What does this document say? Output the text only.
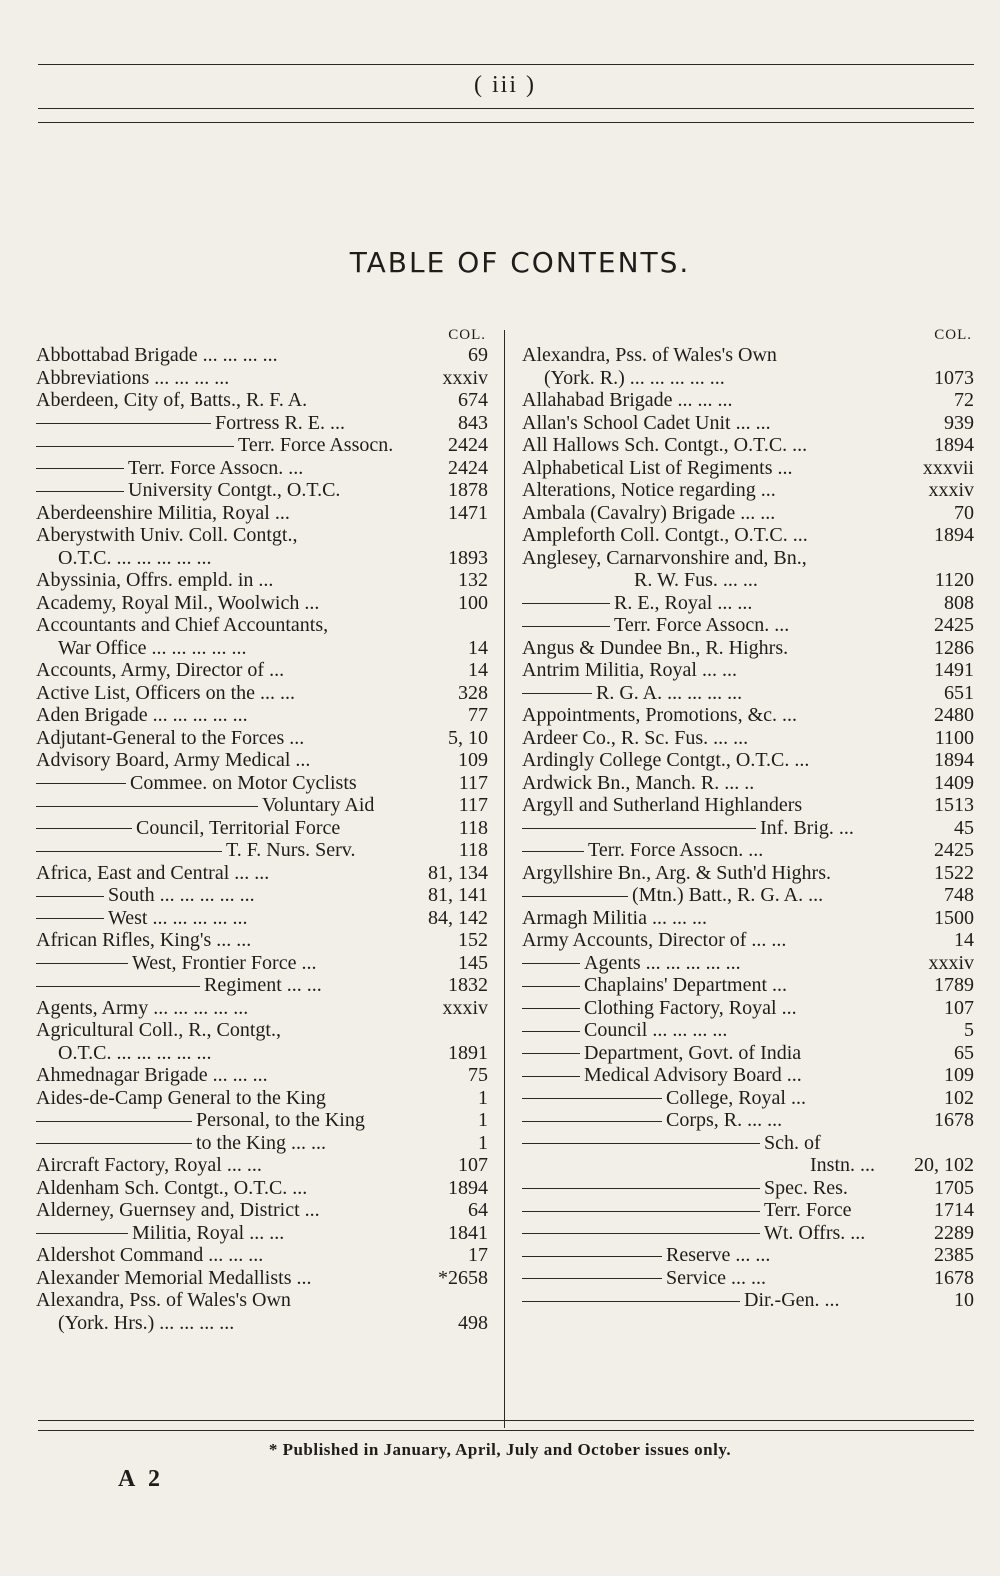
( iii )
TABLE OF CONTENTS.
COL.
Abbottabad Brigade ... ... ... ...	69
Abbreviations ... ... ... ...	xxxiv
Aberdeen, City of, Batts., R. F. A.	674
Fortress R. E. ...	843
Terr. Force Assocn.	2424
Terr. Force Assocn. ...	2424
University Contgt., O.T.C.	1878
Aberdeenshire Militia, Royal ...	1471
Aberystwith Univ. Coll. Contgt.,
O.T.C. ... ... ... ... ...	1893
Abyssinia, Offrs. empld. in ...	132
Academy, Royal Mil., Woolwich ...	100
Accountants and Chief Accountants,
War Office ... ... ... ... ...	14
Accounts, Army, Director of ...	14
Active List, Officers on the ... ...	328
Aden Brigade ... ... ... ... ...	77
Adjutant-General to the Forces ...	5, 10
Advisory Board, Army Medical ...	109
Commee. on Motor Cyclists	117
Voluntary Aid	117
Council, Territorial Force	118
T. F. Nurs. Serv.	118
Africa, East and Central ... ...	81, 134
South ... ... ... ... ...	81, 141
West ... ... ... ... ...	84, 142
African Rifles, King's ... ...	152
West, Frontier Force ...	145
Regiment ... ...	1832
Agents, Army ... ... ... ... ...	xxxiv
Agricultural Coll., R., Contgt.,
O.T.C. ... ... ... ... ...	1891
Ahmednagar Brigade ... ... ...	75
Aides-de-Camp General to the King	1
Personal, to the King	1
to the King ... ...	1
Aircraft Factory, Royal ... ...	107
Aldenham Sch. Contgt., O.T.C. ...	1894
Alderney, Guernsey and, District ...	64
Militia, Royal ... ...	1841
Aldershot Command ... ... ...	17
Alexander Memorial Medallists ...	*2658
Alexandra, Pss. of Wales's Own
(York. Hrs.) ... ... ... ...	498
COL.
Alexandra, Pss. of Wales's Own
(York. R.) ... ... ... ... ...	1073
Allahabad Brigade ... ... ...	72
Allan's School Cadet Unit ... ...	939
All Hallows Sch. Contgt., O.T.C. ...	1894
Alphabetical List of Regiments ...	xxxvii
Alterations, Notice regarding ...	xxxiv
Ambala (Cavalry) Brigade ... ...	70
Ampleforth Coll. Contgt., O.T.C. ...	1894
Anglesey, Carnarvonshire and, Bn.,
R. W. Fus. ... ...	1120
R. E., Royal ... ...	808
Terr. Force Assocn. ...	2425
Angus & Dundee Bn., R. Highrs.	1286
Antrim Militia, Royal ... ...	1491
R. G. A. ... ... ... ...	651
Appointments, Promotions, &c. ...	2480
Ardeer Co., R. Sc. Fus. ... ...	1100
Ardingly College Contgt., O.T.C. ...	1894
Ardwick Bn., Manch. R. ... ..	1409
Argyll and Sutherland Highlanders	1513
Inf. Brig. ...	45
Terr. Force Assocn. ...	2425
Argyllshire Bn., Arg. & Suth'd Highrs.	1522
(Mtn.) Batt., R. G. A. ...	748
Armagh Militia ... ... ...	1500
Army Accounts, Director of ... ...	14
Agents ... ... ... ... ...	xxxiv
Chaplains' Department ...	1789
Clothing Factory, Royal ...	107
Council ... ... ... ...	5
Department, Govt. of India	65
Medical Advisory Board ...	109
College, Royal ...	102
Corps, R. ... ...	1678
Sch. of
Instn. ...	20, 102
Spec. Res.	1705
Terr. Force	1714
Wt. Offrs. ...	2289
Reserve ... ...	2385
Service ... ...	1678
Dir.-Gen. ...	10
* Published in January, April, July and October issues only.
A 2
